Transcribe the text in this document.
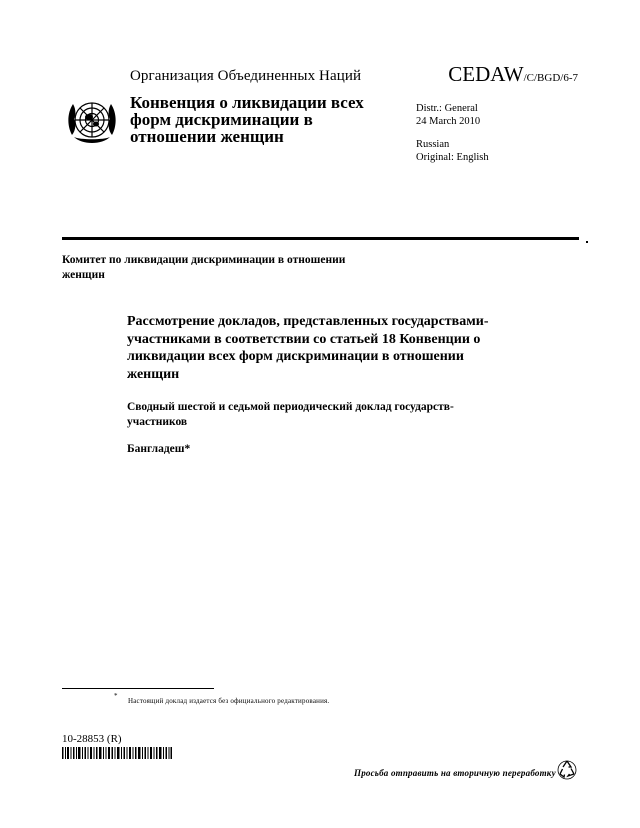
Организация Объединенных Наций	CEDAW/C/BGD/6-7
Конвенция о ликвидации всех форм дискриминации в отношении женщин
Distr.: General
24 March 2010
Russian
Original: English
Комитет по ликвидации дискриминации в отношении женщин
Рассмотрение докладов, представленных государствами-участниками в соответствии со статьей 18 Конвенции о ликвидации всех форм дискриминации в отношении женщин
Сводный шестой и седьмой периодический доклад государств-участников
Бангладеш*
*
Настоящий доклад издается без официального редактирования.
10-28853 (R)
Просьба отправить на вторичную переработку
